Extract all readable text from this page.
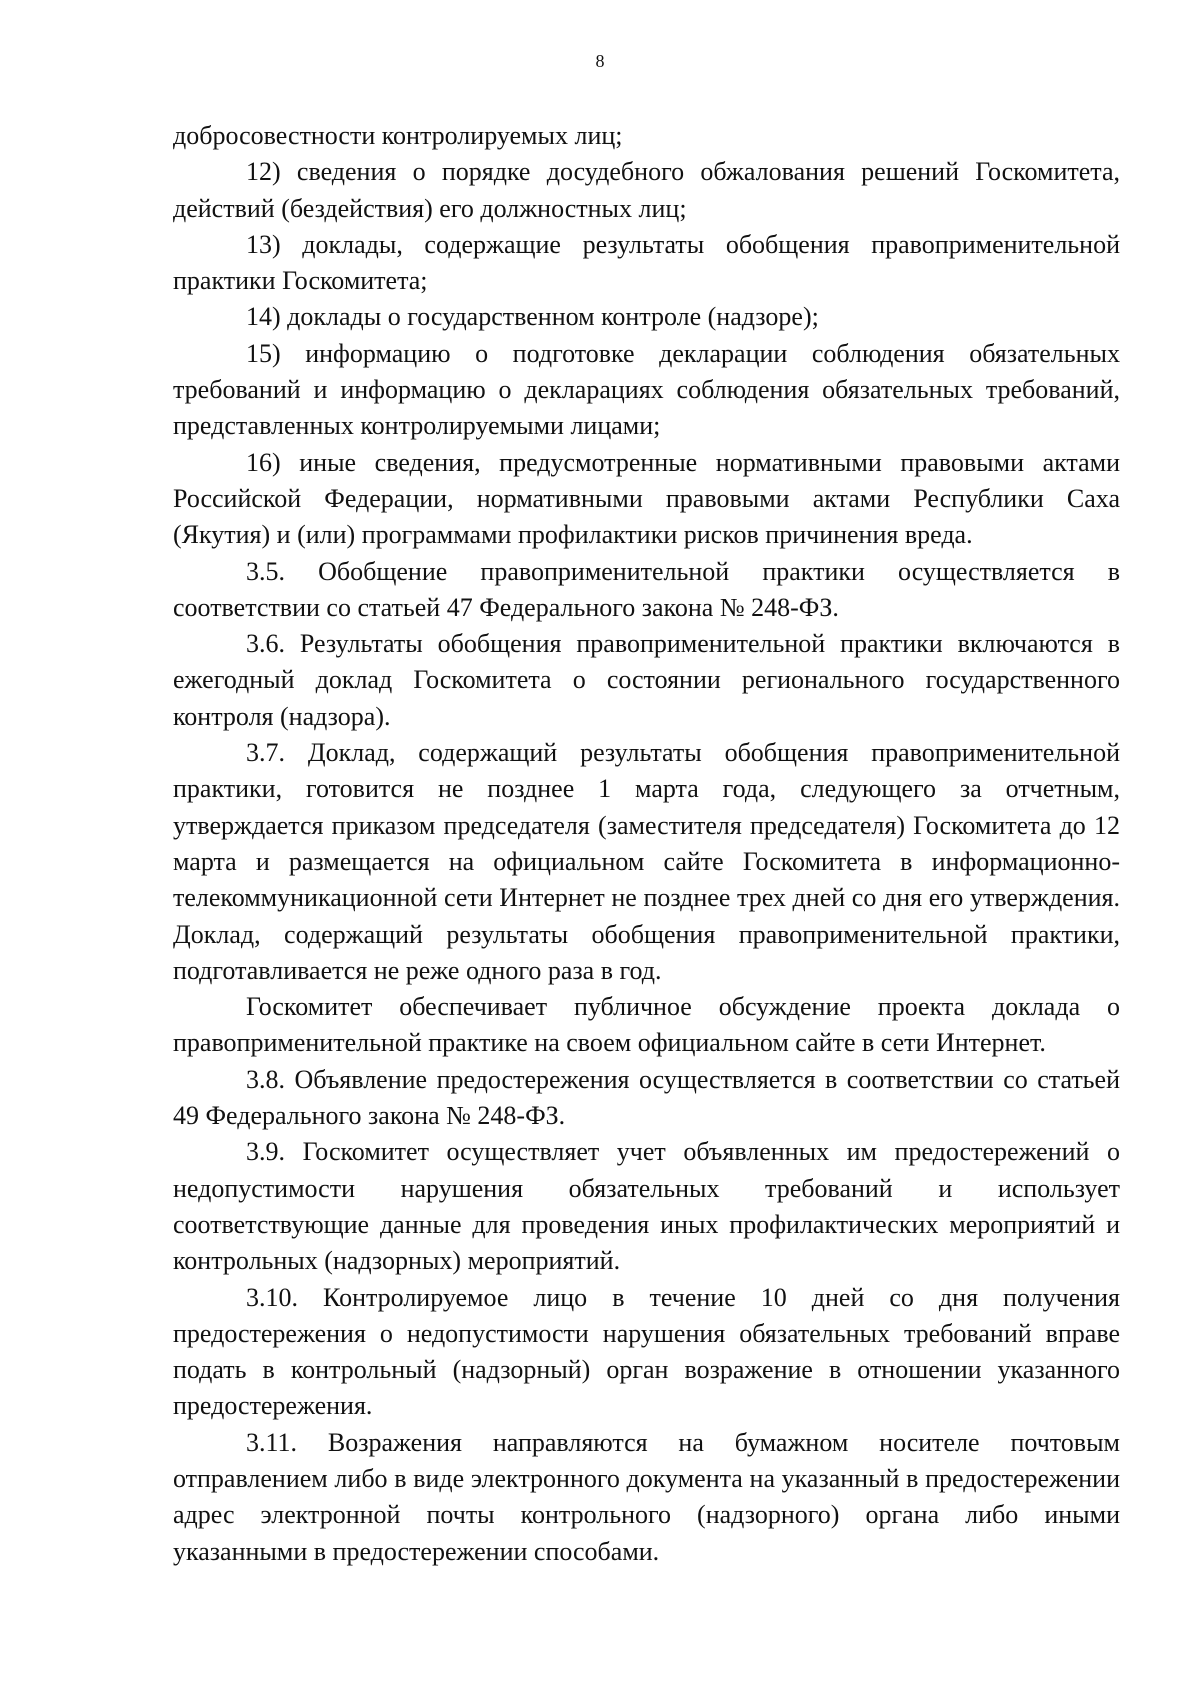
8

добросовестности контролируемых лиц;

12) сведения о порядке досудебного обжалования решений Госкомитета, действий (бездействия) его должностных лиц;

13) доклады, содержащие результаты обобщения правоприменительной практики Госкомитета;

14) доклады о государственном контроле (надзоре);

15) информацию о подготовке декларации соблюдения обязательных требований и информацию о декларациях соблюдения обязательных требований, представленных контролируемыми лицами;

16) иные сведения, предусмотренные нормативными правовыми актами Российской Федерации, нормативными правовыми актами Республики Саха (Якутия) и (или) программами профилактики рисков причинения вреда.

3.5. Обобщение правоприменительной практики осуществляется в соответствии со статьей 47 Федерального закона № 248-ФЗ.

3.6. Результаты обобщения правоприменительной практики включаются в ежегодный доклад Госкомитета о состоянии регионального государственного контроля (надзора).

3.7. Доклад, содержащий результаты обобщения правоприменительной практики, готовится не позднее 1 марта года, следующего за отчетным, утверждается приказом председателя (заместителя председателя) Госкомитета до 12 марта и размещается на официальном сайте Госкомитета в информационно-телекоммуникационной сети Интернет не позднее трех дней со дня его утверждения. Доклад, содержащий результаты обобщения правоприменительной практики, подготавливается не реже одного раза в год.

Госкомитет обеспечивает публичное обсуждение проекта доклада о правоприменительной практике на своем официальном сайте в сети Интернет.

3.8. Объявление предостережения осуществляется в соответствии со статьей 49 Федерального закона № 248-ФЗ.

3.9. Госкомитет осуществляет учет объявленных им предостережений о недопустимости нарушения обязательных требований и использует соответствующие данные для проведения иных профилактических мероприятий и контрольных (надзорных) мероприятий.

3.10. Контролируемое лицо в течение 10 дней со дня получения предостережения о недопустимости нарушения обязательных требований вправе подать в контрольный (надзорный) орган возражение в отношении указанного предостережения.

3.11. Возражения направляются на бумажном носителе почтовым отправлением либо в виде электронного документа на указанный в предостережении адрес электронной почты контрольного (надзорного) органа либо иными указанными в предостережении способами.
